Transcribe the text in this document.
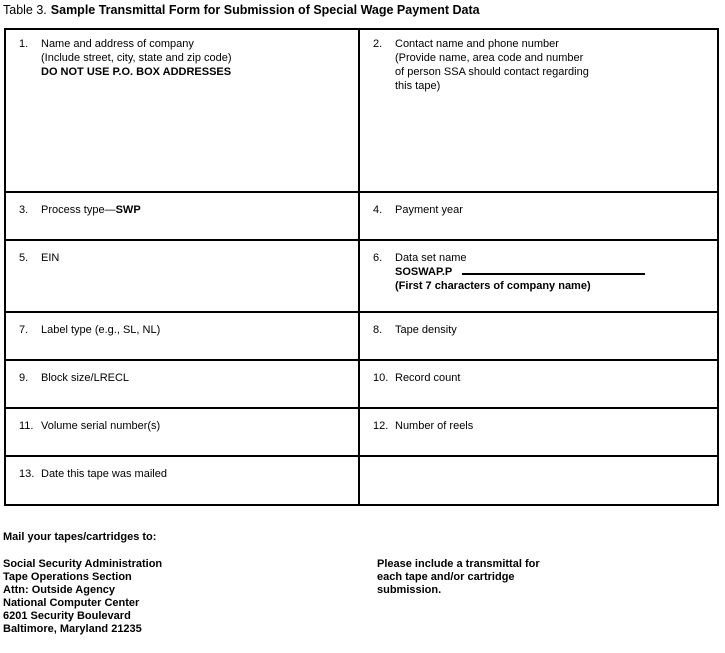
Table 3. Sample Transmittal Form for Submission of Special Wage Payment Data
1.	Name and address of company
(Include street, city, state and zip code)
DO NOT USE P.O. BOX ADDRESSES
2.	Contact name and phone number
(Provide name, area code and number
of person SSA should contact regarding
this tape)
3.	Process type—SWP	4.	Payment year
5.	EIN	6.	Data set name
SOSWAP.P
(First 7 characters of company name)
7.	Label type (e.g., SL, NL)	8.	Tape density
9.	Block size/LRECL	10. Record count
11. Volume serial number(s)	12. Number of reels
13. Date this tape was mailed
Mail your tapes/cartridges to:
Social Security Administration
Tape Operations Section
Attn: Outside Agency
National Computer Center
6201 Security Boulevard
Baltimore, Maryland 21235
Please include a transmittal for
each tape and/or cartridge
submission.
